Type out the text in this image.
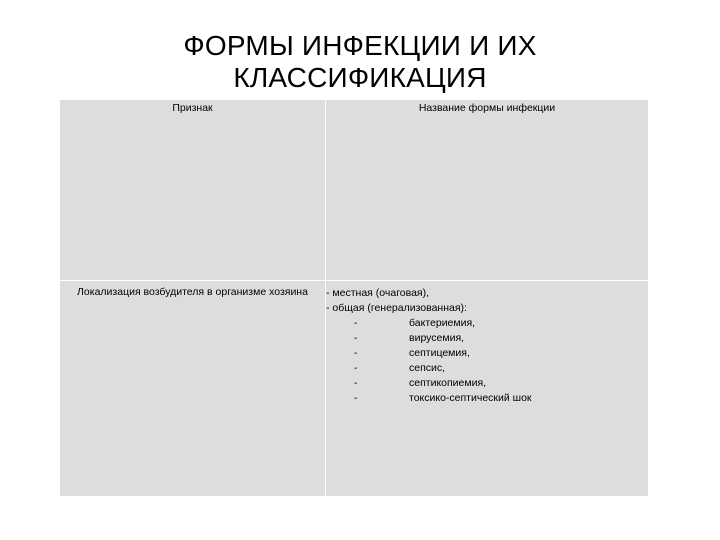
ФОРМЫ ИНФЕКЦИИ И ИХ
КЛАССИФИКАЦИЯ
Признак	Название формы инфекции
Локализация возбудителя в организме хозяина	- местная (очаговая),
- общая (генерализованная):
-	бактериемия,
-	вирусемия,
-	септицемия,
-	сепсис,
-	септикопиемия,
-	токсико-септический шок
